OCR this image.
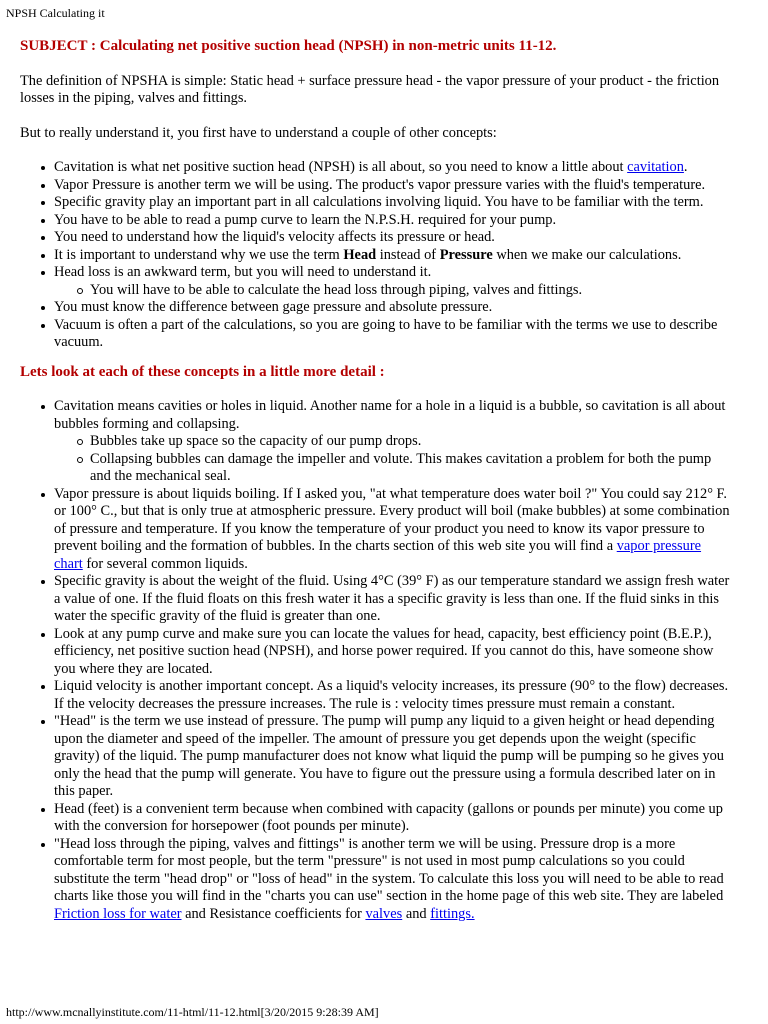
NPSH Calculating it
SUBJECT : Calculating net positive suction head (NPSH) in non-metric units 11-12.

The definition of NPSHA is simple: Static head + surface pressure head - the vapor pressure of your product - the friction losses in the piping, valves and fittings.

But to really understand it, you first have to understand a couple of other concepts:

Cavitation is what net positive suction head (NPSH) is all about, so you need to know a little about cavitation.
Vapor Pressure is another term we will be using. The product's vapor pressure varies with the fluid's temperature.
Specific gravity play an important part in all calculations involving liquid. You have to be familiar with the term.
You have to be able to read a pump curve to learn the N.P.S.H. required for your pump.
You need to understand how the liquid's velocity affects its pressure or head.
It is important to understand why we use the term Head instead of Pressure when we make our calculations.
Head loss is an awkward term, but you will need to understand it.
You will have to be able to calculate the head loss through piping, valves and fittings.
You must know the difference between gage pressure and absolute pressure.
Vacuum is often a part of the calculations, so you are going to have to be familiar with the terms we use to describe vacuum.
Lets look at each of these concepts in a little more detail :
Cavitation means cavities or holes in liquid. Another name for a hole in a liquid is a bubble, so cavitation is all about bubbles forming and collapsing.
Bubbles take up space so the capacity of our pump drops.
Collapsing bubbles can damage the impeller and volute. This makes cavitation a problem for both the pump and the mechanical seal.
Vapor pressure is about liquids boiling. If I asked you, "at what temperature does water boil ?" You could say 212° F. or 100° C., but that is only true at atmospheric pressure. Every product will boil (make bubbles) at some combination of pressure and temperature. If you know the temperature of your product you need to know its vapor pressure to prevent boiling and the formation of bubbles. In the charts section of this web site you will find a vapor pressure chart for several common liquids.
Specific gravity is about the weight of the fluid. Using 4°C (39° F) as our temperature standard we assign fresh water a value of one. If the fluid floats on this fresh water it has a specific gravity is less than one. If the fluid sinks in this water the specific gravity of the fluid is greater than one.
Look at any pump curve and make sure you can locate the values for head, capacity, best efficiency point (B.E.P.), efficiency, net positive suction head (NPSH), and horse power required. If you cannot do this, have someone show you where they are located.
Liquid velocity is another important concept. As a liquid's velocity increases, its pressure (90° to the flow) decreases. If the velocity decreases the pressure increases. The rule is : velocity times pressure must remain a constant.
"Head" is the term we use instead of pressure. The pump will pump any liquid to a given height or head depending upon the diameter and speed of the impeller. The amount of pressure you get depends upon the weight (specific gravity) of the liquid. The pump manufacturer does not know what liquid the pump will be pumping so he gives you only the head that the pump will generate. You have to figure out the pressure using a formula described later on in this paper.
Head (feet) is a convenient term because when combined with capacity (gallons or pounds per minute) you come up with the conversion for horsepower (foot pounds per minute).
"Head loss through the piping, valves and fittings" is another term we will be using. Pressure drop is a more comfortable term for most people, but the term "pressure" is not used in most pump calculations so you could substitute the term "head drop" or "loss of head" in the system. To calculate this loss you will need to be able to read charts like those you will find in the "charts you can use" section in the home page of this web site. They are labeled Friction loss for water and Resistance coefficients for valves and fittings.
http://www.mcnallyinstitute.com/11-html/11-12.html[3/20/2015 9:28:39 AM]
